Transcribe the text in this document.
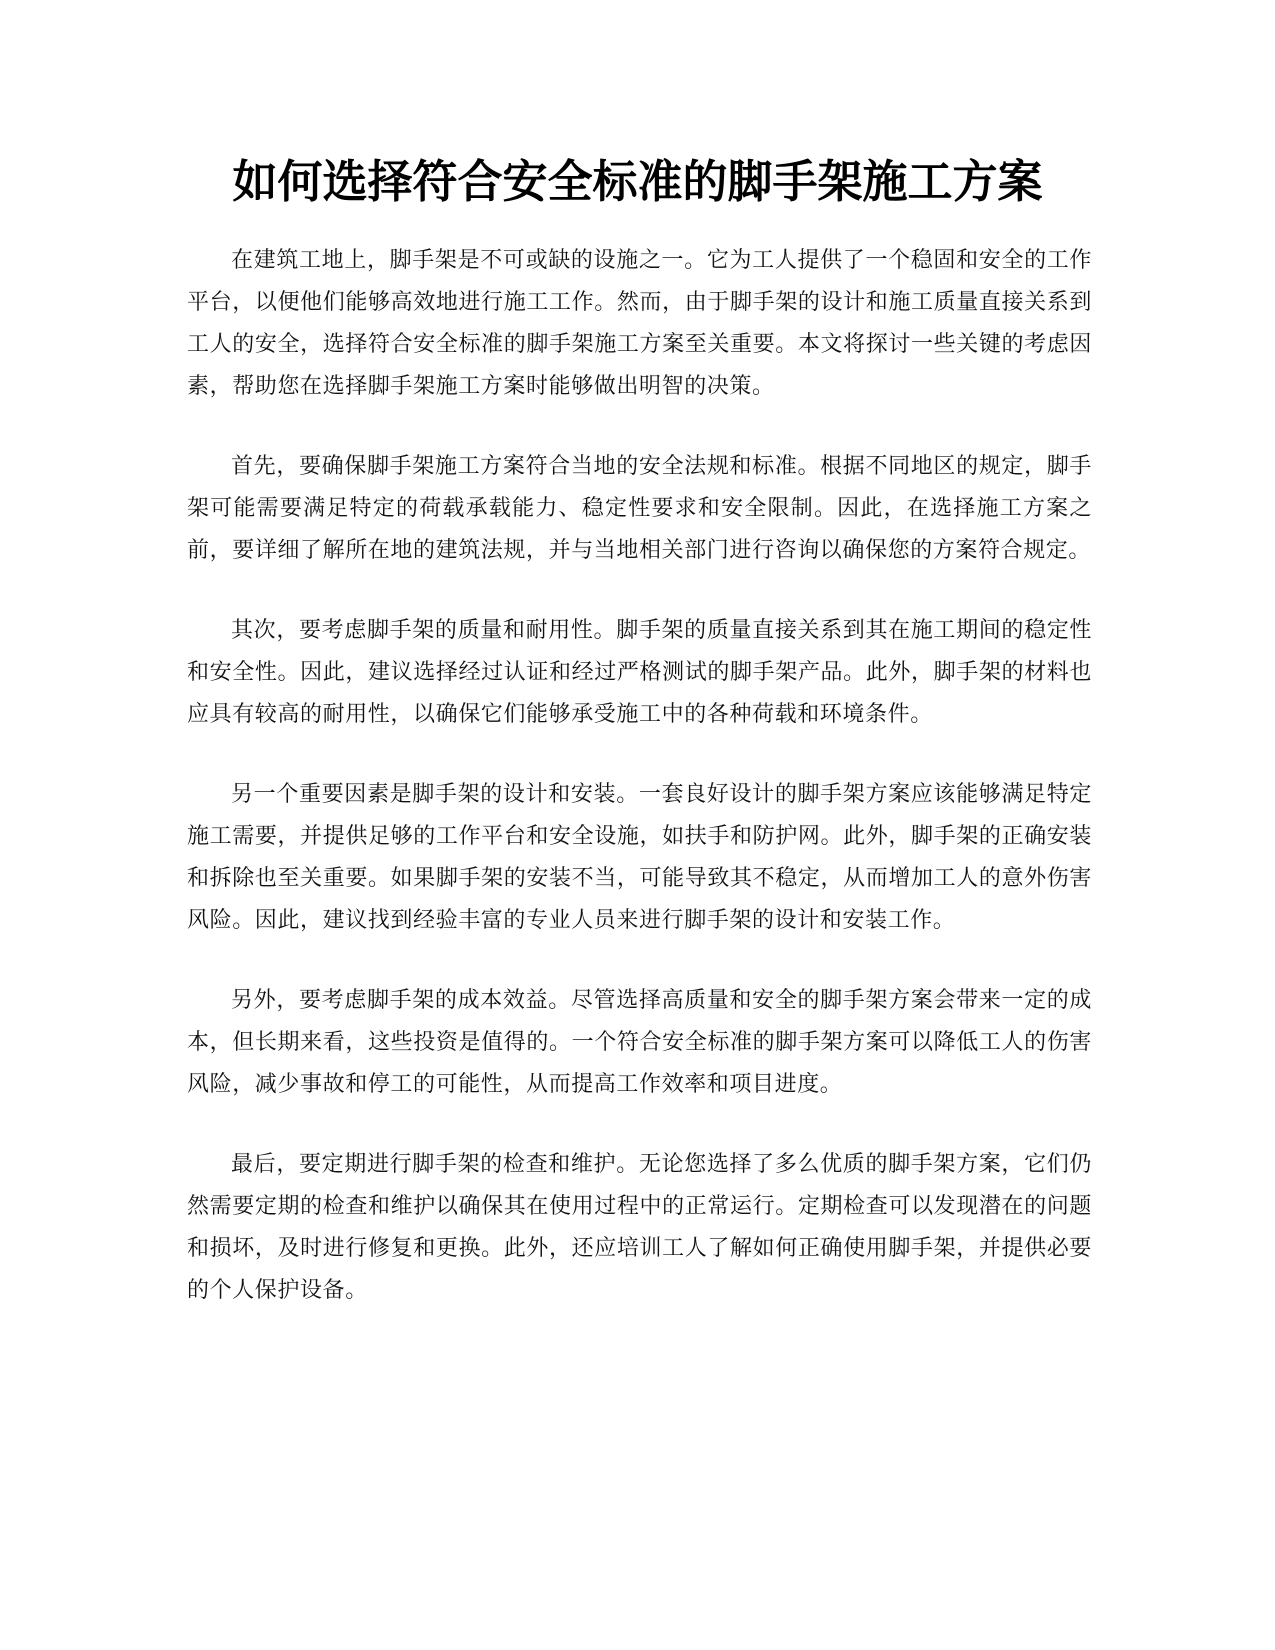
如何选择符合安全标准的脚手架施工方案

在建筑工地上，脚手架是不可或缺的设施之一。它为工人提供了一个稳固和安全的工作平台，以便他们能够高效地进行施工工作。然而，由于脚手架的设计和施工质量直接关系到工人的安全，选择符合安全标准的脚手架施工方案至关重要。本文将探讨一些关键的考虑因素，帮助您在选择脚手架施工方案时能够做出明智的决策。

首先，要确保脚手架施工方案符合当地的安全法规和标准。根据不同地区的规定，脚手架可能需要满足特定的荷载承载能力、稳定性要求和安全限制。因此，在选择施工方案之前，要详细了解所在地的建筑法规，并与当地相关部门进行咨询以确保您的方案符合规定。

其次，要考虑脚手架的质量和耐用性。脚手架的质量直接关系到其在施工期间的稳定性和安全性。因此，建议选择经过认证和经过严格测试的脚手架产品。此外，脚手架的材料也应具有较高的耐用性，以确保它们能够承受施工中的各种荷载和环境条件。

另一个重要因素是脚手架的设计和安装。一套良好设计的脚手架方案应该能够满足特定施工需要，并提供足够的工作平台和安全设施，如扶手和防护网。此外，脚手架的正确安装和拆除也至关重要。如果脚手架的安装不当，可能导致其不稳定，从而增加工人的意外伤害风险。因此，建议找到经验丰富的专业人员来进行脚手架的设计和安装工作。

另外，要考虑脚手架的成本效益。尽管选择高质量和安全的脚手架方案会带来一定的成本，但长期来看，这些投资是值得的。一个符合安全标准的脚手架方案可以降低工人的伤害风险，减少事故和停工的可能性，从而提高工作效率和项目进度。

最后，要定期进行脚手架的检查和维护。无论您选择了多么优质的脚手架方案，它们仍然需要定期的检查和维护以确保其在使用过程中的正常运行。定期检查可以发现潜在的问题和损坏，及时进行修复和更换。此外，还应培训工人了解如何正确使用脚手架，并提供必要的个人保护设备。
